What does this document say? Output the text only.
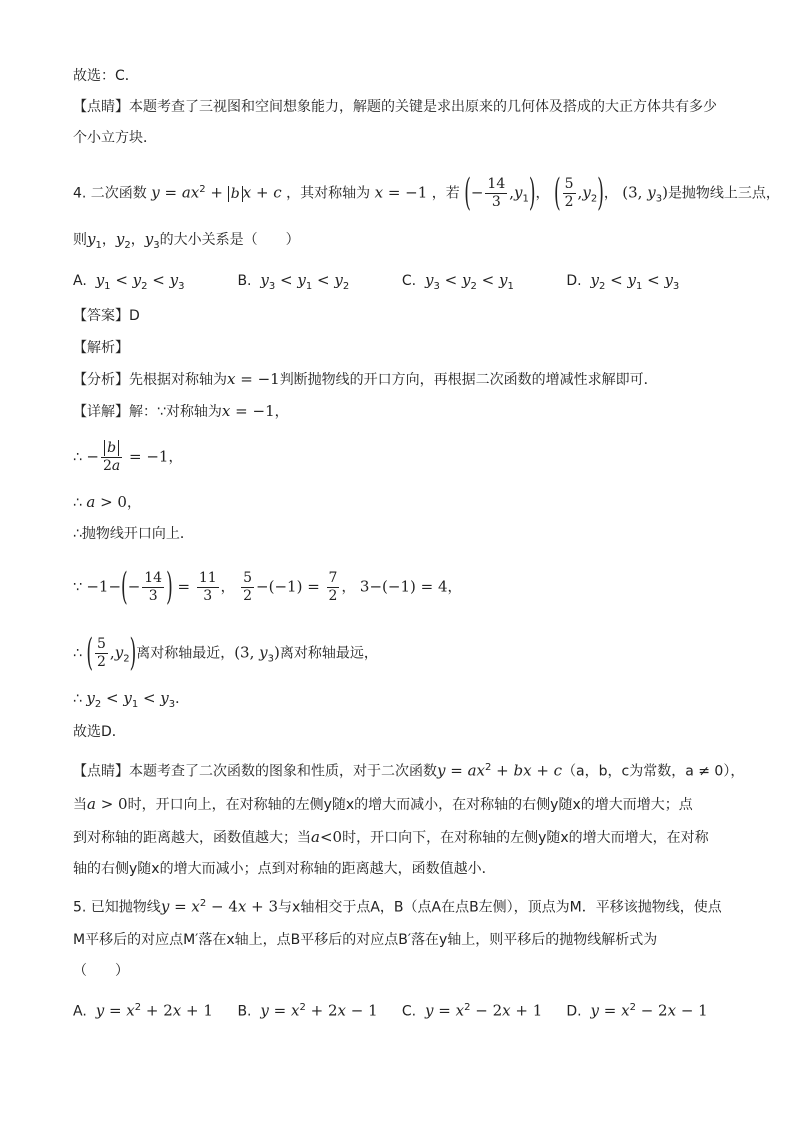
故选：C．
【点睛】本题考查了三视图和空间想象能力，解题的关键是求出原来的几何体及搭成的大正方体共有多少
个小立方块．
4. 二次函数 $y = ax^2 + b$ x + c ，其对称轴为 x = −1 ，若 (− $\frac{14}{3} ,y_1$)， ( $\frac{5}{2} ,y_2$)， (3, $y_3$)是抛物线上三点，
则$y_1$，$y_2$，$y_3$的大小关系是（　　）
A. $y_1 < y_2 < y_3$	B. $y_3 < y_1 < y_2$	C. $y_3 < y_2 < y_1$	D. $y_2 < y_1 < y_3$
【答案】D
【解析】
【分析】先根据对称轴为x = −1判断抛物线的开口方向，再根据二次函数的增减性求解即可．
【详解】解：∵对称轴为x = −1，
∴ − $\frac{b}{2a} = -1$，
∴ a > 0，
∴抛物线开口向上．
∵ $-1-(- \frac{14}{3}$ ) = $\frac{11}{3}$ ， $\frac{5}{2} -(-1) = \frac{7}{2}$ ， 3−(−1) = 4，
∴ ( $\frac{5}{2} ,y_2$)离对称轴最近，(3, $y_3$)离对称轴最远，
∴ $y_2 < y_1 < y_3$．
故选D．
【点睛】本题考查了二次函数的图象和性质，对于二次函数$y = ax^2$ + bx + c（a，b，c为常数，a ≠ 0），
当a > 0时，开口向上，在对称轴的左侧y随x的增大而减小，在对称轴的右侧y随x的增大而增大；点
到对称轴的距离越大，函数值越大；当a<0时，开口向下，在对称轴的左侧y随x的增大而增大，在对称
轴的右侧y随x的增大而减小；点到对称轴的距离越大，函数值越小．
5. 已知抛物线$y = x^2 - 4x + 3$与x轴相交于点A，B（点A在点B左侧），顶点为M．平移该抛物线，使点
M平移后的对应点M′落在x轴上，点B平移后的对应点B′落在y轴上，则平移后的抛物线解析式为
（　　）
A. $y = x^2 + 2x + 1$ B. $y = x^2 + 2x - 1$ C. $y = x^2 - 2x + 1$ D. $y = x^2 - 2x - 1$
